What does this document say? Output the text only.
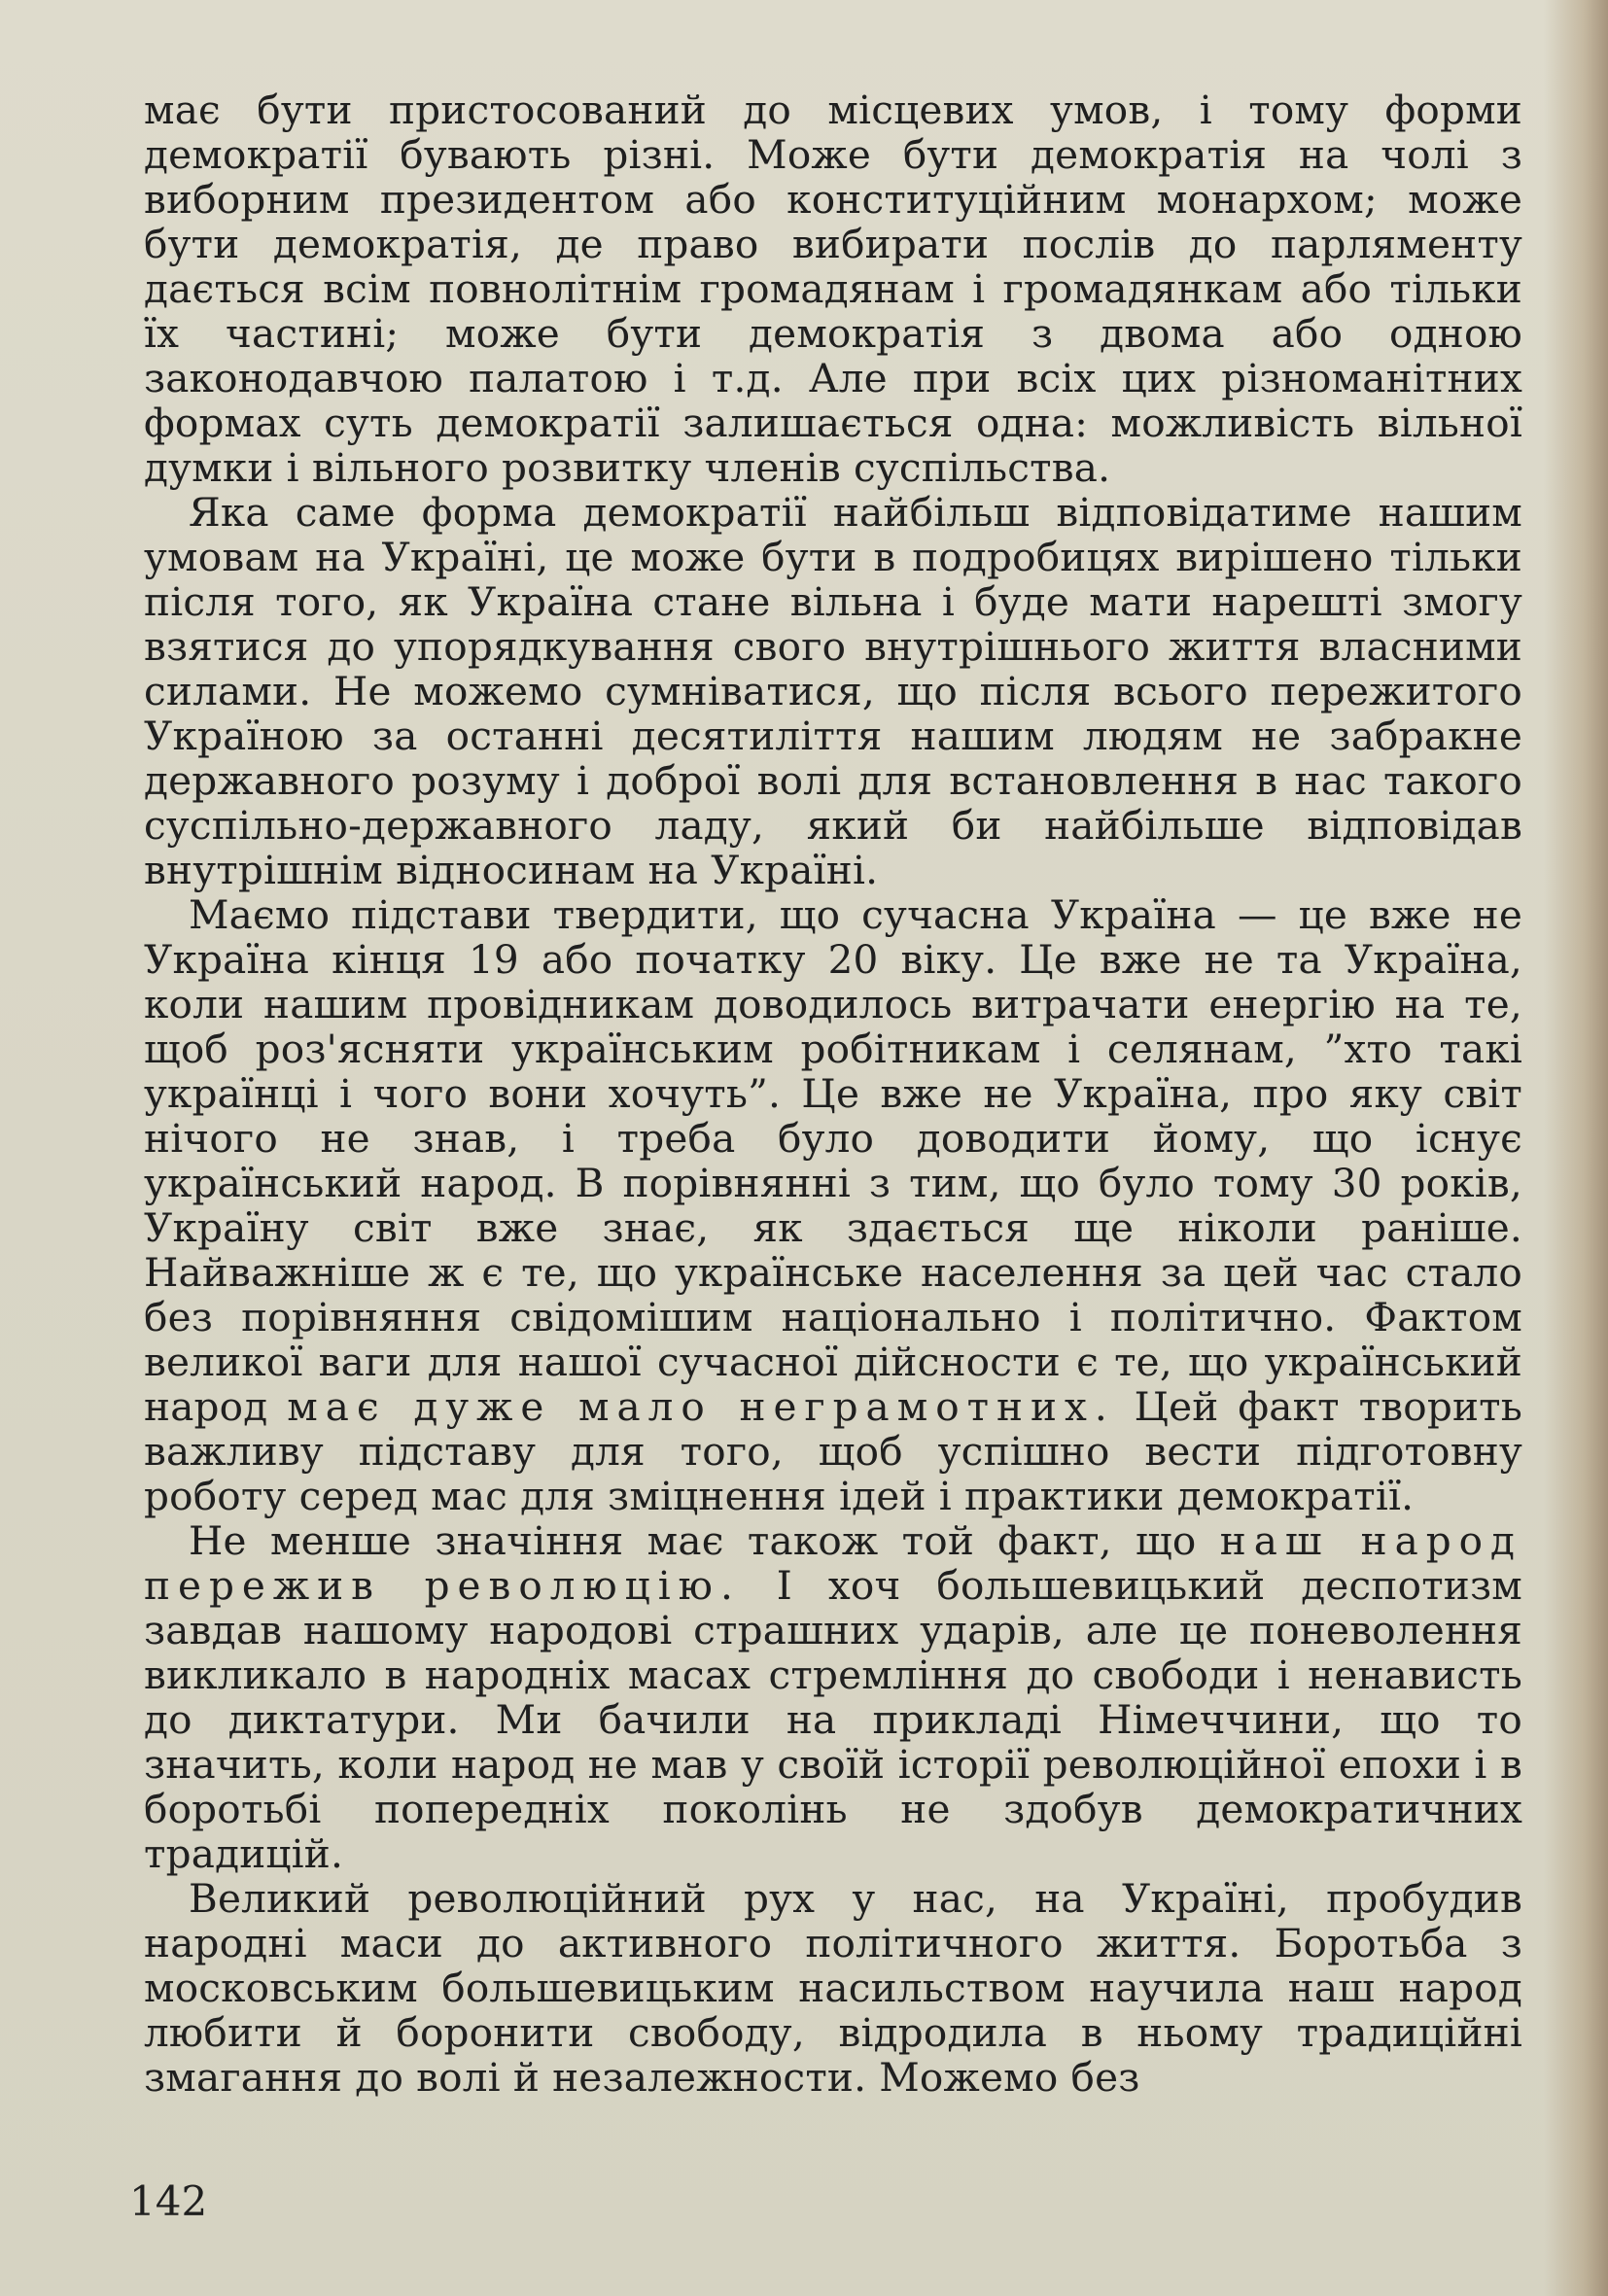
має бути пристосований до місцевих умов, і тому форми демократії бувають різні. Може бути демократія на чолі з виборним президентом або конституційним монархом; може бути демократія, де право вибирати послів до парляменту дається всім повнолітнім громадянам і громадянкам або тільки їх частині; може бути демократія з двома або одною законодавчою палатою і т.д. Але при всіх цих різноманітних формах суть демократії залишається одна: можливість вільної думки і вільного розвитку членів суспільства.

Яка саме форма демократії найбільш відповідатиме нашим умовам на Україні, це може бути в подробицях вирішено тільки після того, як Україна стане вільна і буде мати нарешті змогу взятися до упорядкування свого внутрішнього життя власними силами. Не можемо сумніватися, що після всього пережитого Україною за останні десятиліття нашим людям не забракне державного розуму і доброї волі для встановлення в нас такого суспільно-державного ладу, який би найбільше відповідав внутрішнім відносинам на Україні.

Маємо підстави твердити, що сучасна Україна — це вже не Україна кінця 19 або початку 20 віку. Це вже не та Україна, коли нашим провідникам доводилось витрачати енергію на те, щоб роз'ясняти українським робітникам і селянам, ”хто такі українці і чого вони хочуть”. Це вже не Україна, про яку світ нічого не знав, і треба було доводити йому, що існує український народ. В порівнянні з тим, що було тому 30 років, Україну світ вже знає, як здається ще ніколи раніше. Найважніше ж є те, що українське населення за цей час стало без порівняння свідомішим національно і політично. Фактом великої ваги для нашої сучасної дійсности є те, що український народ має дуже мало неграмотних. Цей факт творить важливу підставу для того, щоб успішно вести підготовну роботу серед мас для зміцнення ідей і практики демократії.

Не менше значіння має також той факт, що наш народ пережив революцію. І хоч большевицький деспотизм завдав нашому народові страшних ударів, але це поневолення викликало в народніх масах стремління до свободи і ненависть до диктатури. Ми бачили на прикладі Німеччини, що то значить, коли народ не мав у своїй історії революційної епохи і в боротьбі попередніх поколінь не здобув демократичних традицій.

Великий революційний рух у нас, на Україні, пробудив народні маси до активного політичного життя. Боротьба з московським большевицьким насильством научила наш народ любити й боронити свободу, відродила в ньому традиційні змагання до волі й незалежности. Можемо без

142
